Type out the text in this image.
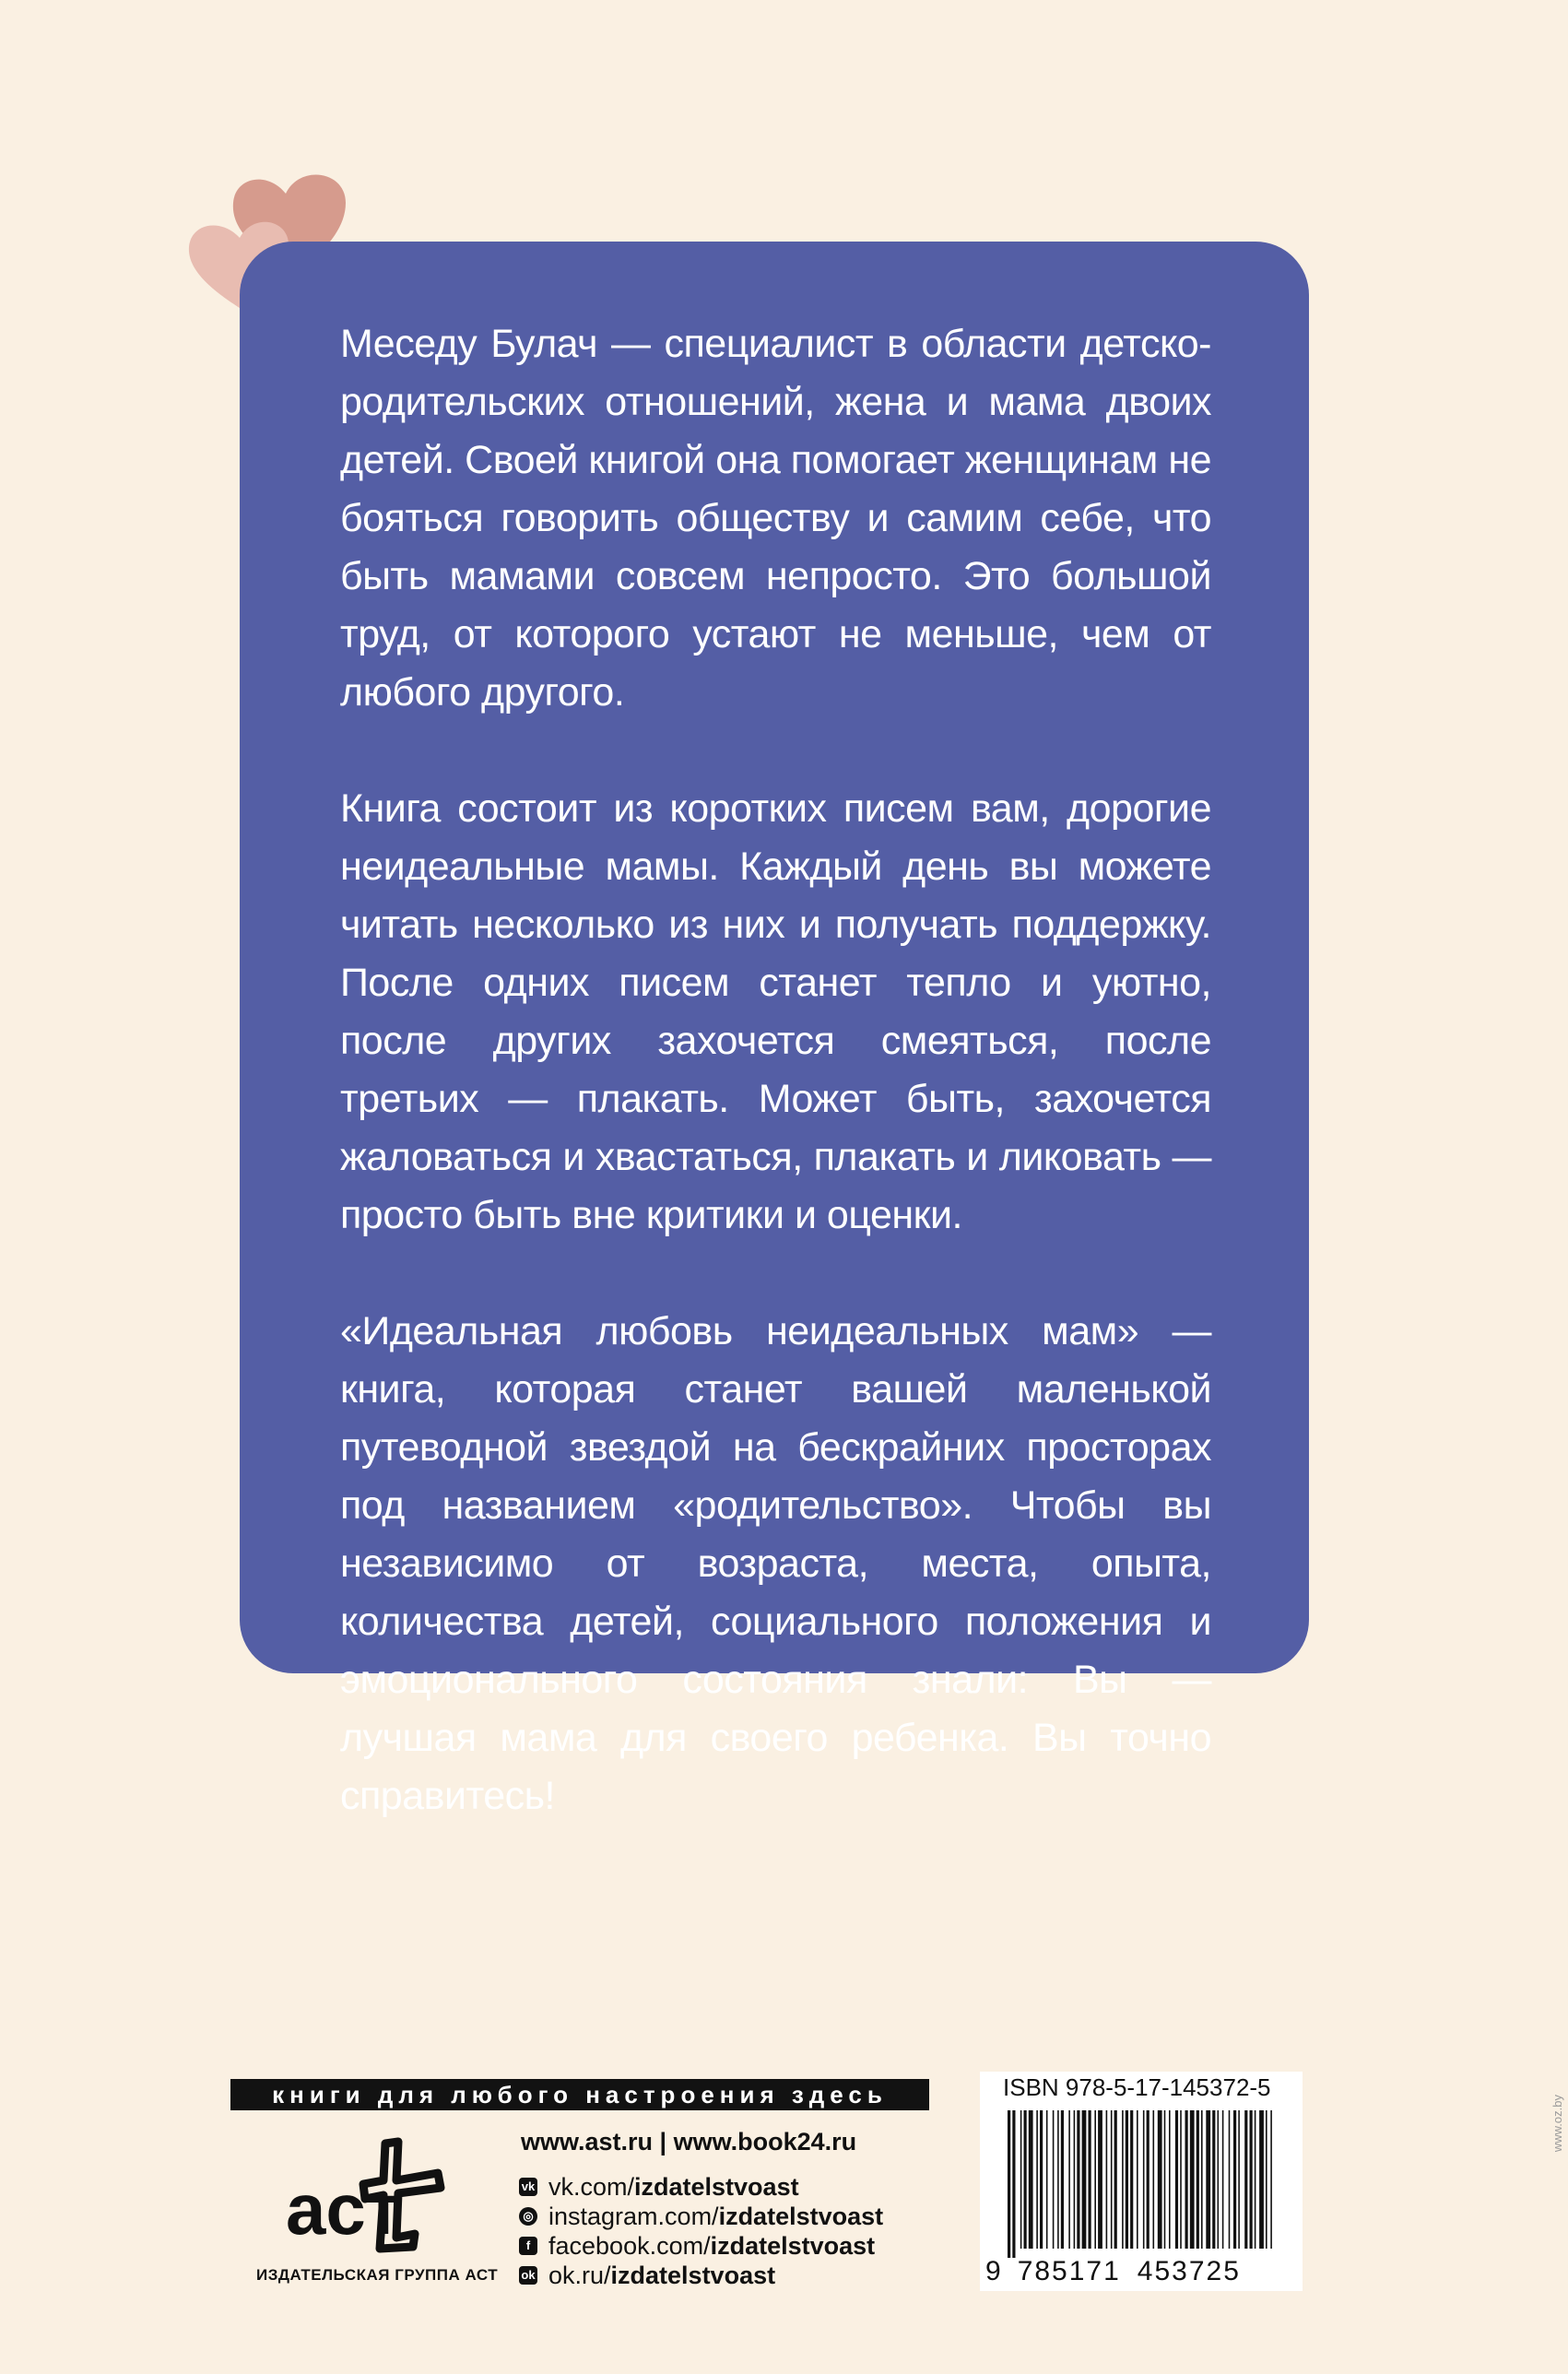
Меседу Булач — специалист в области детско-родительских отношений, жена и мама двоих детей. Своей книгой она помогает женщинам не бояться говорить обществу и самим себе, что быть мамами совсем непросто. Это большой труд, от которого устают не меньше, чем от любого другого.

Книга состоит из коротких писем вам, дорогие неидеальные мамы. Каждый день вы можете читать несколько из них и получать поддержку. После одних писем станет тепло и уютно, после других захочется смеяться, после третьих — плакать. Может быть, захочется жаловаться и хвастаться, плакать и ликовать — просто быть вне критики и оценки.

«Идеальная любовь неидеальных мам» — книга, которая станет вашей маленькой путеводной звездой на бескрайних просторах под названием «родительство». Чтобы вы независимо от возраста, места, опыта, количества детей, социального положения и эмоционального состояния знали: Вы — лучшая мама для своего ребенка. Вы точно справитесь!

www.oz.by
книги для любого настроения здесь
аст
ИЗДАТЕЛЬСКАЯ ГРУППА АСТ
www.ast.ru | www.book24.ru
vk vk.com/ izdatelstvoast
◎ instagram.com/ izdatelstvoast
f facebook.com/ izdatelstvoast
ok ok.ru/ izdatelstvoast
ISBN 978-5-17-145372-5
9 785171 453725
